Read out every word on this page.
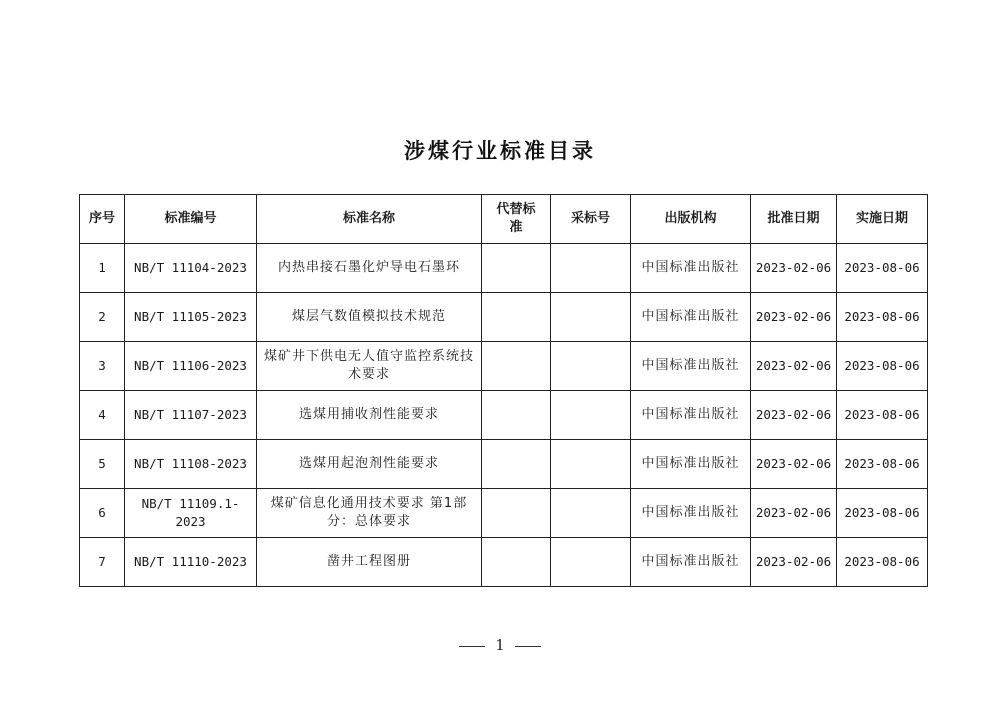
涉煤行业标准目录
序号	标准编号	标准名称	代替标准	采标号	出版机构	批准日期	实施日期
1	NB/T 11104-2023	内热串接石墨化炉导电石墨环			中国标准出版社	2023-02-06	2023-08-06
2	NB/T 11105-2023	煤层气数值模拟技术规范			中国标准出版社	2023-02-06	2023-08-06
3	NB/T 11106-2023	煤矿井下供电无人值守监控系统技术要求			中国标准出版社	2023-02-06	2023-08-06
4	NB/T 11107-2023	选煤用捕收剂性能要求			中国标准出版社	2023-02-06	2023-08-06
5	NB/T 11108-2023	选煤用起泡剂性能要求			中国标准出版社	2023-02-06	2023-08-06
6	NB/T 11109.1-2023	煤矿信息化通用技术要求 第1部分：总体要求			中国标准出版社	2023-02-06	2023-08-06
7	NB/T 11110-2023	凿井工程图册			中国标准出版社	2023-02-06	2023-08-06
1
